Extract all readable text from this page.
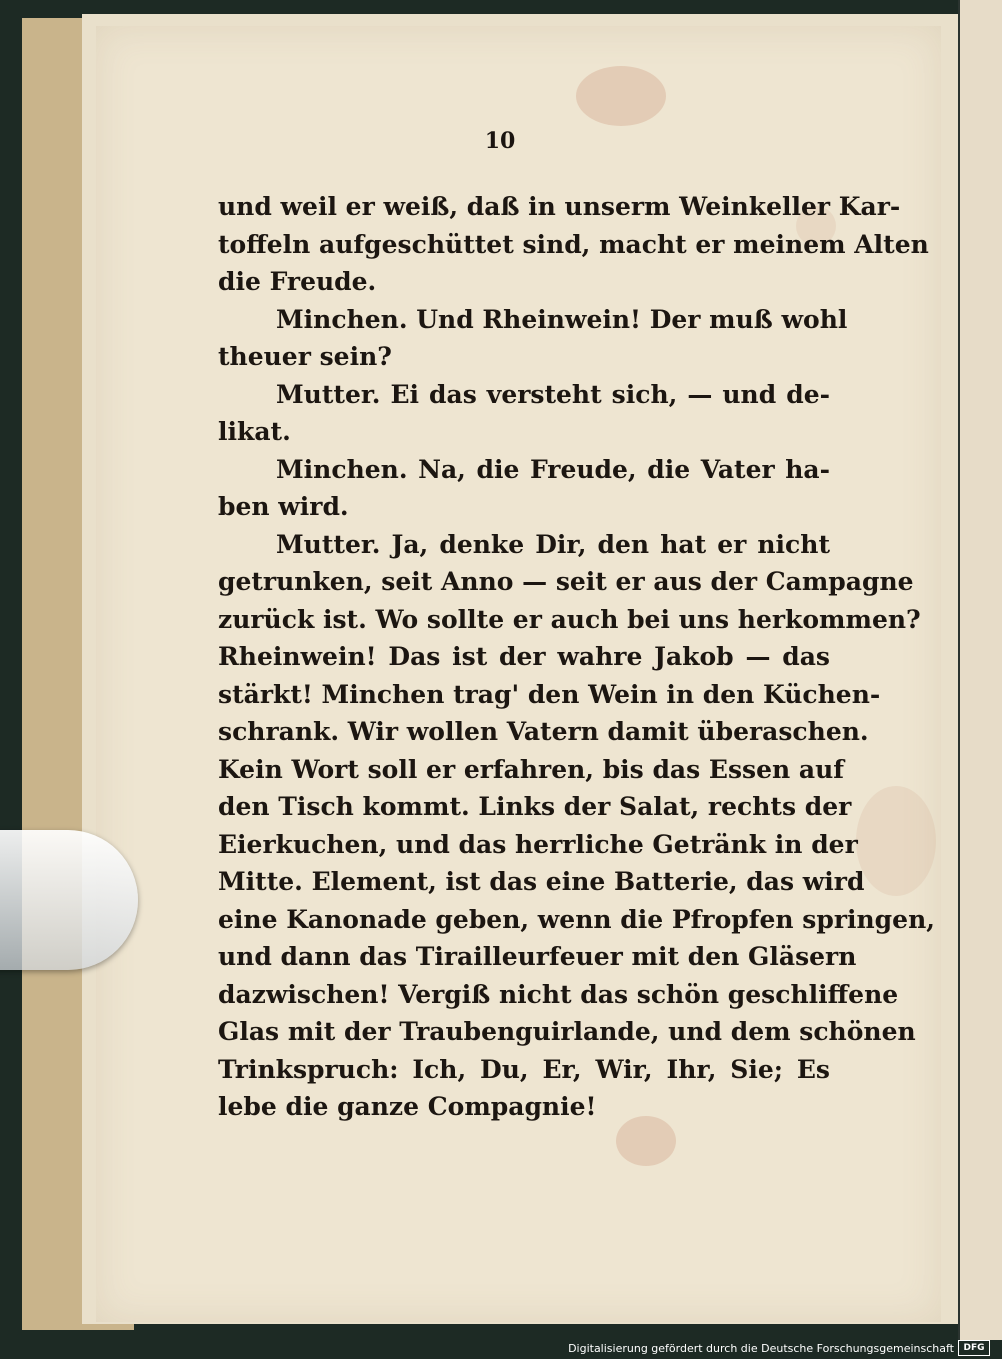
10
und weil er weiß, daß in unserm Weinkeller Kar-
toffeln aufgeschüttet sind, macht er meinem Alten
die Freude.
Minchen. Und Rheinwein! Der muß wohl
theuer sein?
Mutter. Ei das versteht sich, — und de-
likat.
Minchen. Na, die Freude, die Vater ha-
ben wird.
Mutter. Ja, denke Dir, den hat er nicht
getrunken, seit Anno — seit er aus der Campagne
zurück ist. Wo sollte er auch bei uns herkommen?
Rheinwein! Das ist der wahre Jakob — das
stärkt! Minchen trag' den Wein in den Küchen-
schrank. Wir wollen Vatern damit überaschen.
Kein Wort soll er erfahren, bis das Essen auf
den Tisch kommt. Links der Salat, rechts der
Eierkuchen, und das herrliche Getränk in der
Mitte. Element, ist das eine Batterie, das wird
eine Kanonade geben, wenn die Pfropfen springen,
und dann das Tirailleurfeuer mit den Gläsern
dazwischen! Vergiß nicht das schön geschliffene
Glas mit der Traubenguirlande, und dem schönen
Trinkspruch: Ich, Du, Er, Wir, Ihr, Sie; Es
lebe die ganze Compagnie!
Digitalisierung gefördert durch die Deutsche Forschungsgemeinschaft	DFG
